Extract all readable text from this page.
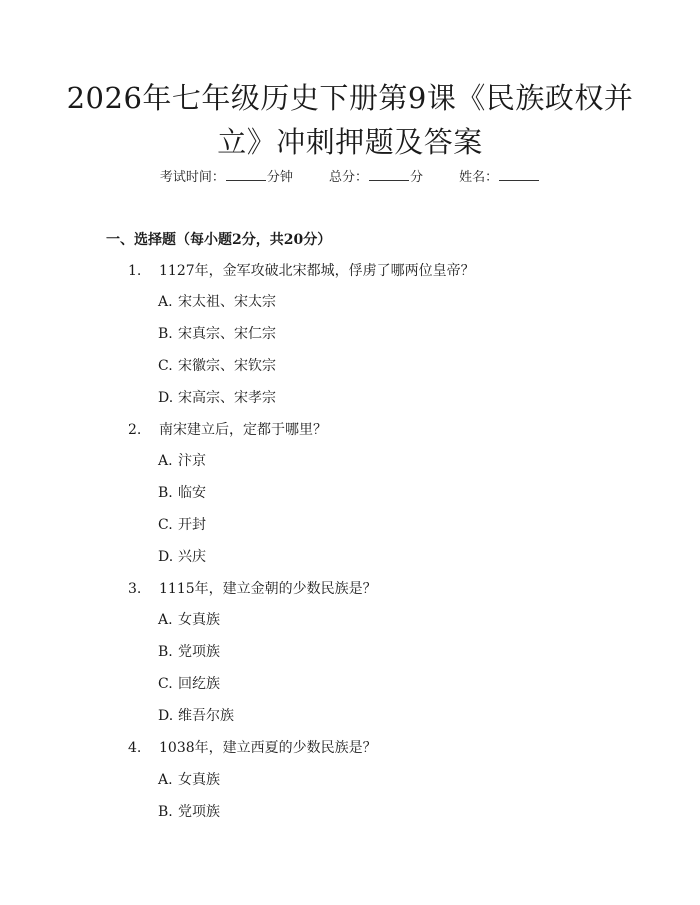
2026年七年级历史下册第9课《民族政权并
立》冲刺押题及答案
考试时间：	分钟	总分：	分	姓名：
一、选择题（每小题2分，共20分）
1. 1127年，金军攻破北宋都城，俘虏了哪两位皇帝？
A. 宋太祖、宋太宗
B. 宋真宗、宋仁宗
C. 宋徽宗、宋钦宗
D. 宋高宗、宋孝宗
2. 南宋建立后，定都于哪里？
A. 汴京
B. 临安
C. 开封
D. 兴庆
3. 1115年，建立金朝的少数民族是？
A. 女真族
B. 党项族
C. 回纥族
D. 维吾尔族
4. 1038年，建立西夏的少数民族是？
A. 女真族
B. 党项族
